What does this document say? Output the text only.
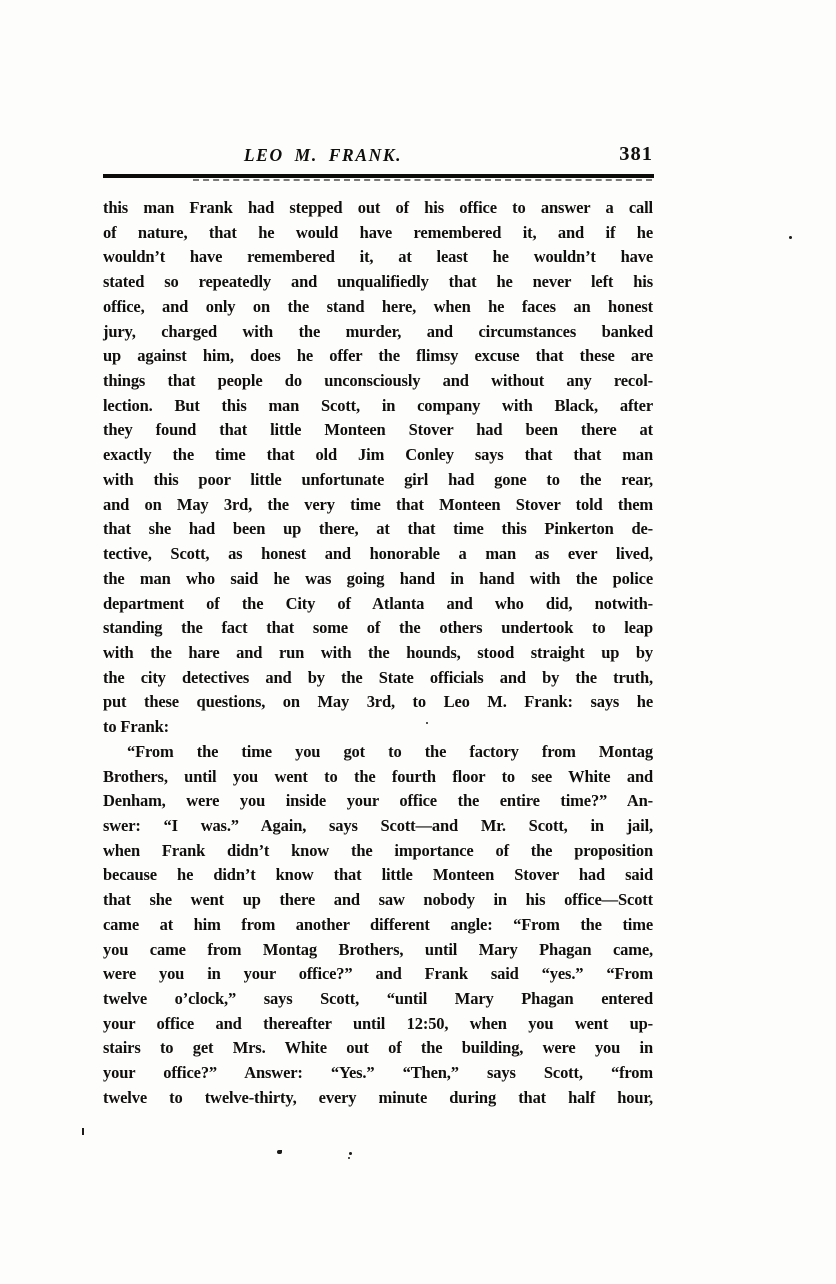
LEO M. FRANK.	381
this man Frank had stepped out of his office to answer a call
of nature, that he would have remembered it, and if he
wouldn’t have remembered it, at least he wouldn’t have
stated so repeatedly and unqualifiedly that he never left his
office, and only on the stand here, when he faces an honest
jury, charged with the murder, and circumstances banked
up against him, does he offer the flimsy excuse that these are
things that people do unconsciously and without any recol-
lection. But this man Scott, in company with Black, after
they found that little Monteen Stover had been there at
exactly the time that old Jim Conley says that that man
with this poor little unfortunate girl had gone to the rear,
and on May 3rd, the very time that Monteen Stover told them
that she had been up there, at that time this Pinkerton de-
tective, Scott, as honest and honorable a man as ever lived,
the man who said he was going hand in hand with the police
department of the City of Atlanta and who did, notwith-
standing the fact that some of the others undertook to leap
with the hare and run with the hounds, stood straight up by
the city detectives and by the State officials and by the truth,
put these questions, on May 3rd, to Leo M. Frank: says he
to Frank:
“From the time you got to the factory from Montag
Brothers, until you went to the fourth floor to see White and
Denham, were you inside your office the entire time?” An-
swer: “I was.” Again, says Scott—and Mr. Scott, in jail,
when Frank didn’t know the importance of the proposition
because he didn’t know that little Monteen Stover had said
that she went up there and saw nobody in his office—Scott
came at him from another different angle: “From the time
you came from Montag Brothers, until Mary Phagan came,
were you in your office?” and Frank said “yes.” “From
twelve o’clock,” says Scott, “until Mary Phagan entered
your office and thereafter until 12:50, when you went up-
stairs to get Mrs. White out of the building, were you in
your office?” Answer: “Yes.” “Then,” says Scott, “from
twelve to twelve-thirty, every minute during that half hour,
